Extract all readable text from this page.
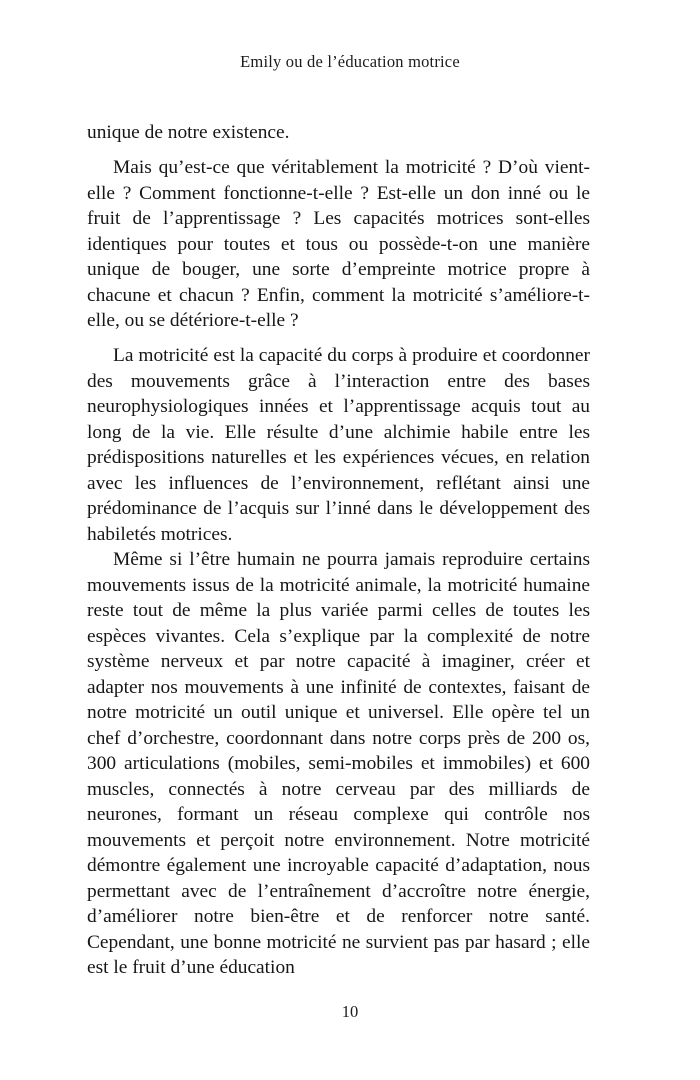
Emily ou de l’éducation motrice

unique de notre existence.

Mais qu’est-ce que véritablement la motricité ? D’où vient-elle ? Comment fonctionne-t-elle ? Est-elle un don inné ou le fruit de l’apprentissage ? Les capacités motrices sont-elles identiques pour toutes et tous ou possède-t-on une manière unique de bouger, une sorte d’empreinte motrice propre à chacune et chacun ? Enfin, comment la motricité s’améliore-t-elle, ou se détériore-t-elle ?

La motricité est la capacité du corps à produire et coordonner des mouvements grâce à l’interaction entre des bases neurophysiologiques innées et l’apprentissage acquis tout au long de la vie. Elle résulte d’une alchimie habile entre les prédispositions naturelles et les expériences vécues, en relation avec les influences de l’environnement, reflétant ainsi une prédominance de l’acquis sur l’inné dans le développement des habiletés motrices.

Même si l’être humain ne pourra jamais reproduire certains mouvements issus de la motricité animale, la motricité humaine reste tout de même la plus variée parmi celles de toutes les espèces vivantes. Cela s’explique par la complexité de notre système nerveux et par notre capacité à imaginer, créer et adapter nos mouvements à une infinité de contextes, faisant de notre motricité un outil unique et universel. Elle opère tel un chef d’orchestre, coordonnant dans notre corps près de 200 os, 300 articulations (mobiles, semi-mobiles et immobiles) et 600 muscles, connectés à notre cerveau par des milliards de neurones, formant un réseau complexe qui contrôle nos mouvements et perçoit notre environnement. Notre motricité démontre également une incroyable capacité d’adaptation, nous permettant avec de l’entraînement d’accroître notre énergie, d’améliorer notre bien-être et de renforcer notre santé. Cependant, une bonne motricité ne survient pas par hasard ; elle est le fruit d’une éducation

10
